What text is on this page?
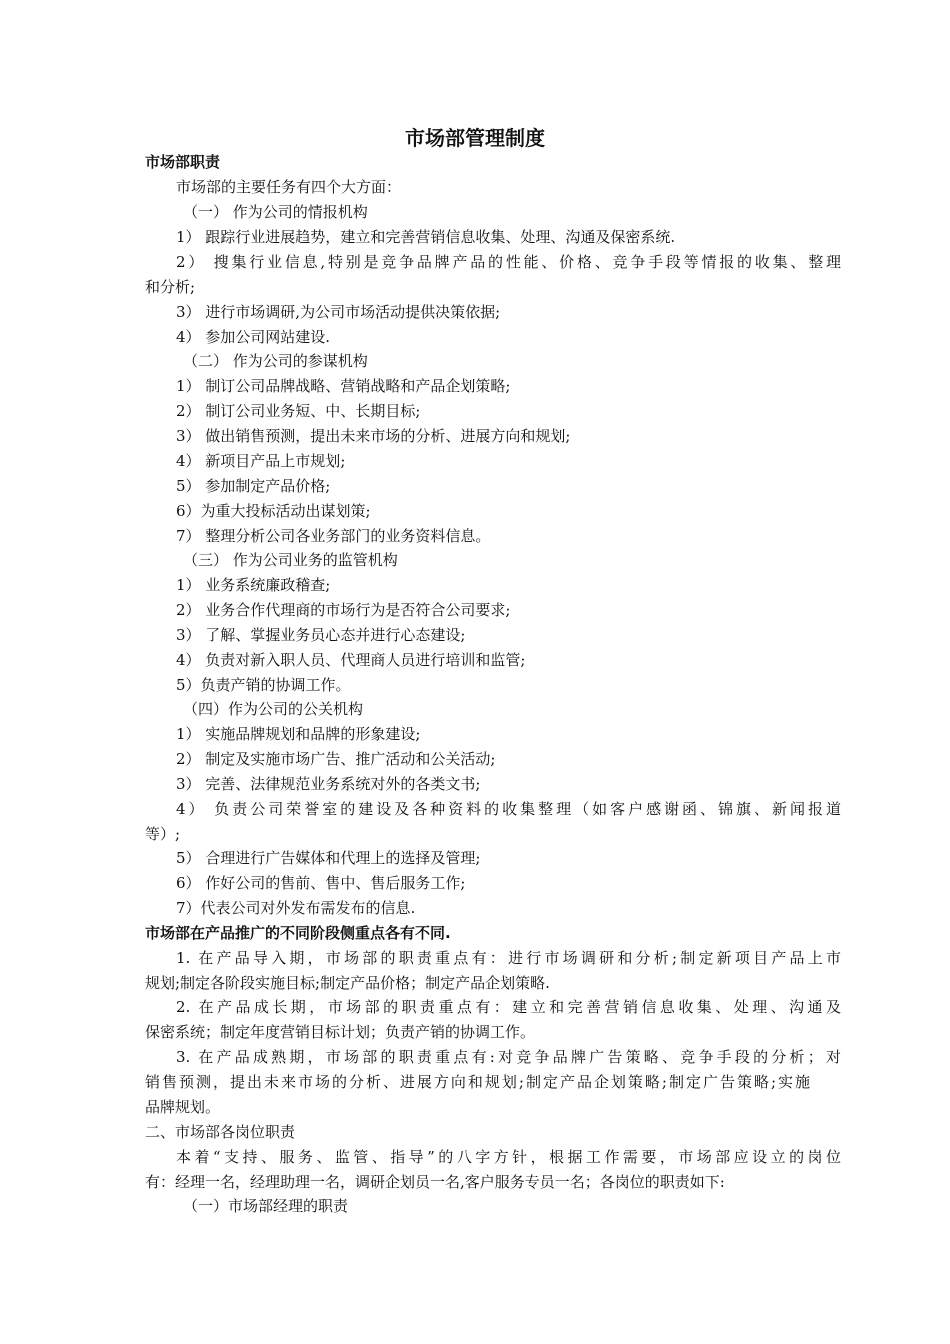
市场部管理制度
市场部职责
市场部的主要任务有四个大方面：
（一） 作为公司的情报机构
1） 跟踪行业进展趋势，建立和完善营销信息收集、处理、沟通及保密系统.
2） 搜集行业信息,特别是竞争品牌产品的性能、价格、竞争手段等情报的收集、整理
和分析;
3） 进行市场调研,为公司市场活动提供决策依据;
4） 参加公司网站建设.
（二） 作为公司的参谋机构
1） 制订公司品牌战略、营销战略和产品企划策略;
2） 制订公司业务短、中、长期目标;
3） 做出销售预测，提出未来市场的分析、进展方向和规划;
4） 新项目产品上市规划;
5） 参加制定产品价格;
6）为重大投标活动出谋划策;
7） 整理分析公司各业务部门的业务资料信息。
（三） 作为公司业务的监管机构
1） 业务系统廉政稽查;
2） 业务合作代理商的市场行为是否符合公司要求;
3） 了解、掌握业务员心态并进行心态建设;
4） 负责对新入职人员、代理商人员进行培训和监管;
5）负责产销的协调工作。
（四）作为公司的公关机构
1） 实施品牌规划和品牌的形象建设;
2） 制定及实施市场广告、推广活动和公关活动;
3） 完善、法律规范业务系统对外的各类文书;
4） 负责公司荣誉室的建设及各种资料的收集整理（如客户感谢函、锦旗、新闻报道
等）;
5） 合理进行广告媒体和代理上的选择及管理;
6） 作好公司的售前、售中、售后服务工作;
7）代表公司对外发布需发布的信息.
市场部在产品推广的不同阶段侧重点各有不同.
1. 在产品导入期，市场部的职责重点有：进行市场调研和分析;制定新项目产品上市
规划;制定各阶段实施目标;制定产品价格；制定产品企划策略.
2. 在产品成长期，市场部的职责重点有：建立和完善营销信息收集、处理、沟通及
保密系统；制定年度营销目标计划；负责产销的协调工作。
3. 在产品成熟期，市场部的职责重点有:对竞争品牌广告策略、竞争手段的分析；对
销售预测，提出未来市场的分析、进展方向和规划;制定产品企划策略;制定广告策略;实施
品牌规划。
二、市场部各岗位职责
本着“支持、服务、监管、指导”的八字方针，根据工作需要，市场部应设立的岗位
有：经理一名，经理助理一名，调研企划员一名,客户服务专员一名；各岗位的职责如下:
（一）市场部经理的职责
